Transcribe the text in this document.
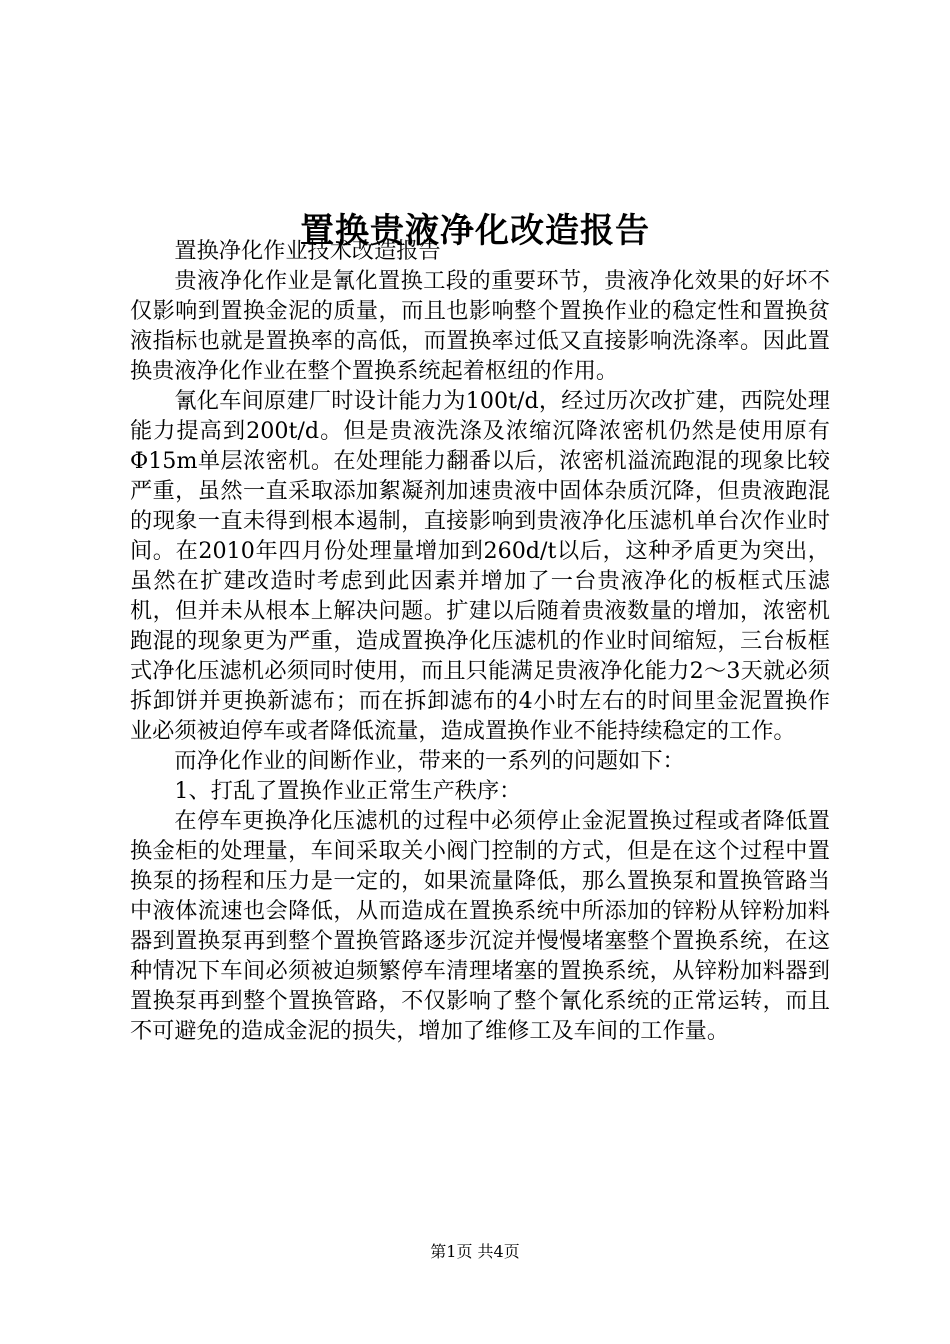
置换贵液净化改造报告

置换净化作业技术改造报告

贵液净化作业是氰化置换工段的重要环节，贵液净化效果的好坏不仅影响到置换金泥的质量，而且也影响整个置换作业的稳定性和置换贫液指标也就是置换率的高低，而置换率过低又直接影响洗涤率。因此置换贵液净化作业在整个置换系统起着枢纽的作用。

氰化车间原建厂时设计能力为100t/d，经过历次改扩建，西院处理能力提高到200t/d。但是贵液洗涤及浓缩沉降浓密机仍然是使用原有Φ15m单层浓密机。在处理能力翻番以后，浓密机溢流跑混的现象比较严重，虽然一直采取添加絮凝剂加速贵液中固体杂质沉降，但贵液跑混的现象一直未得到根本遏制，直接影响到贵液净化压滤机单台次作业时间。在2010年四月份处理量增加到260d/t以后，这种矛盾更为突出，虽然在扩建改造时考虑到此因素并增加了一台贵液净化的板框式压滤机，但并未从根本上解决问题。扩建以后随着贵液数量的增加，浓密机跑混的现象更为严重，造成置换净化压滤机的作业时间缩短，三台板框式净化压滤机必须同时使用，而且只能满足贵液净化能力2～3天就必须拆卸饼并更换新滤布；而在拆卸滤布的4小时左右的时间里金泥置换作业必须被迫停车或者降低流量，造成置换作业不能持续稳定的工作。

而净化作业的间断作业，带来的一系列的问题如下：

1、打乱了置换作业正常生产秩序：

在停车更换净化压滤机的过程中必须停止金泥置换过程或者降低置换金柜的处理量，车间采取关小阀门控制的方式，但是在这个过程中置换泵的扬程和压力是一定的，如果流量降低，那么置换泵和置换管路当中液体流速也会降低，从而造成在置换系统中所添加的锌粉从锌粉加料器到置换泵再到整个置换管路逐步沉淀并慢慢堵塞整个置换系统，在这种情况下车间必须被迫频繁停车清理堵塞的置换系统，从锌粉加料器到置换泵再到整个置换管路，不仅影响了整个氰化系统的正常运转，而且不可避免的造成金泥的损失，增加了维修工及车间的工作量。

第1页 共4页
